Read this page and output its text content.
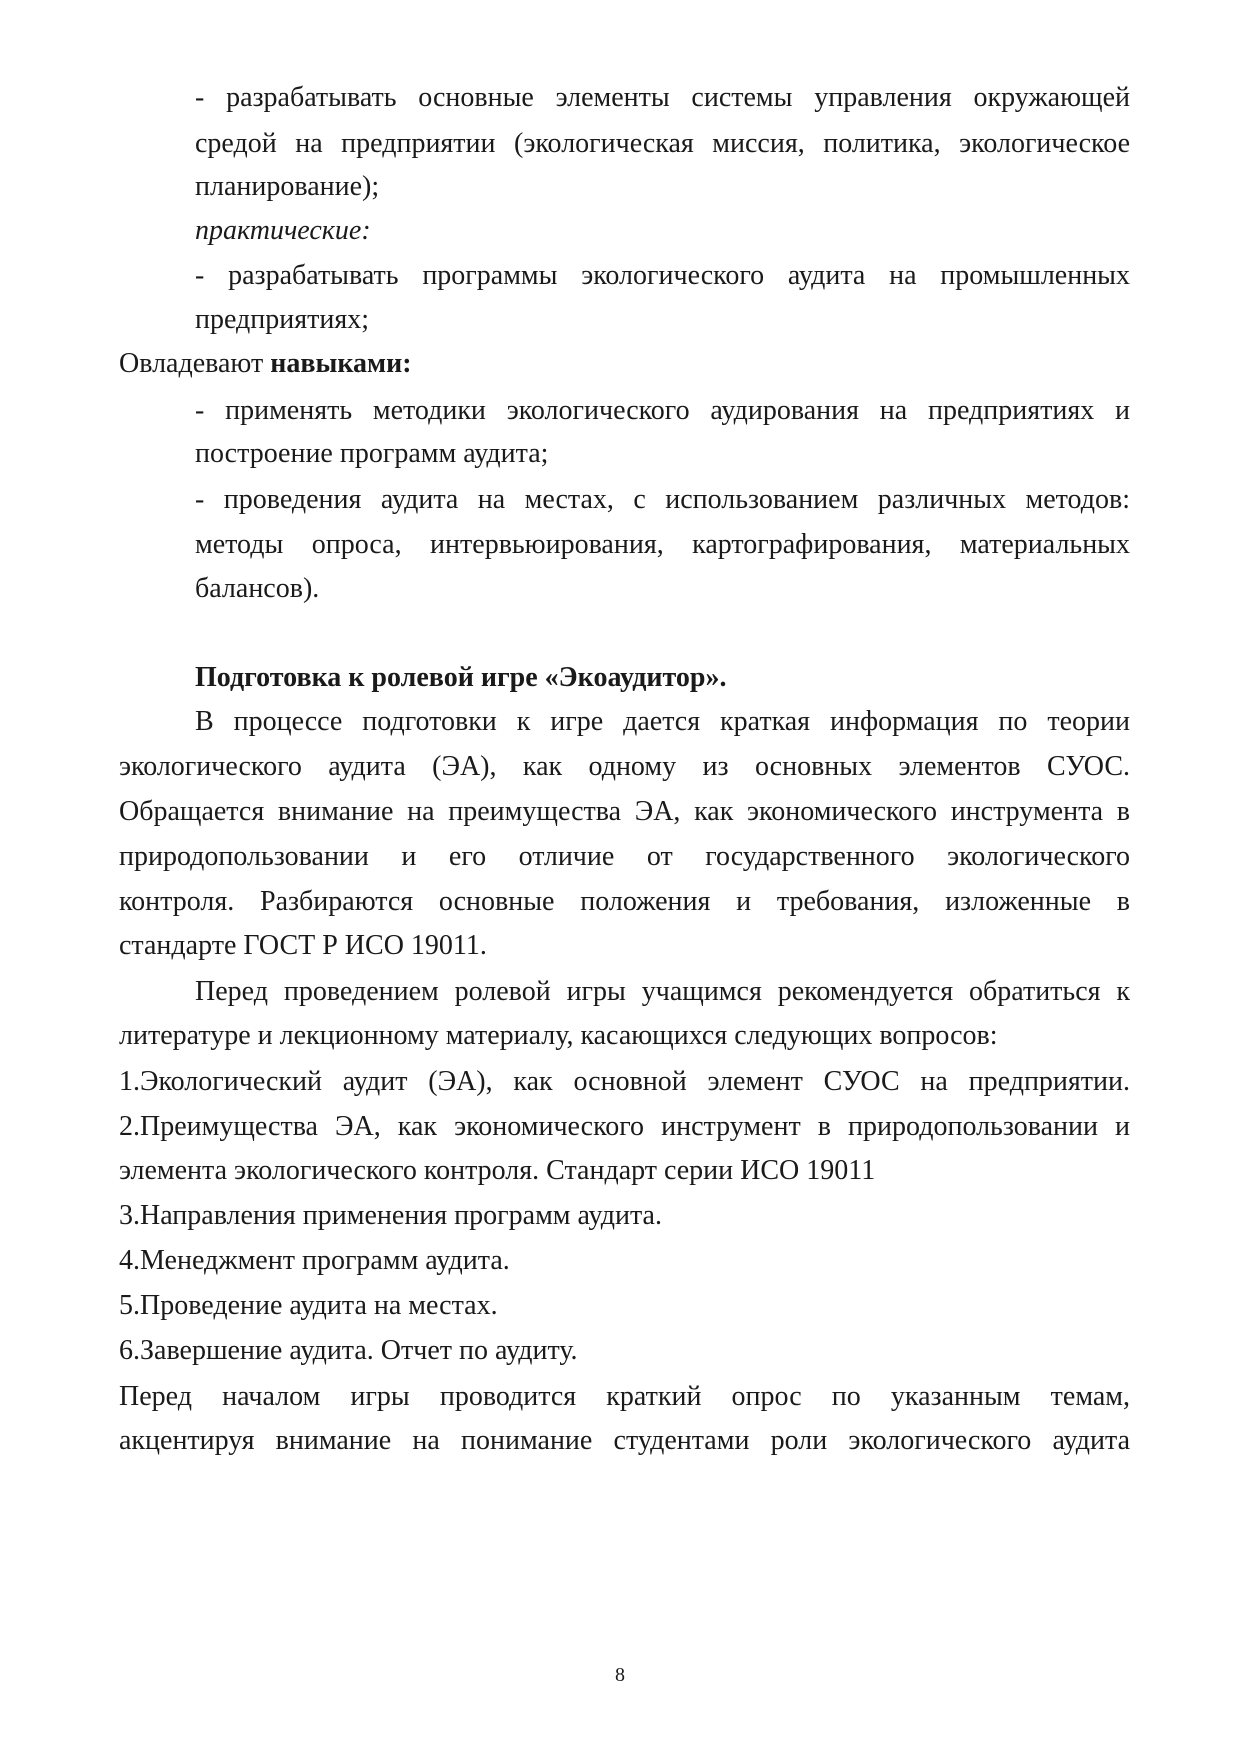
- разрабатывать основные элементы системы управления окружающей
средой на предприятии (экологическая миссия, политика, экологическое
планирование);
практические:
- разрабатывать программы экологического аудита на промышленных
предприятиях;
Овладевают навыками:
- применять методики экологического аудирования на предприятиях и
построение программ аудита;
- проведения аудита на местах, с использованием различных методов:
методы опроса, интервьюирования, картографирования, материальных
балансов).
Подготовка к ролевой игре «Экоаудитор».
В процессе подготовки к игре дается краткая информация по теории
экологического аудита (ЭА), как одному из основных элементов СУОС.
Обращается внимание на преимущества ЭА, как экономического инструмента в
природопользовании и его отличие от государственного экологического
контроля. Разбираются основные положения и требования, изложенные в
стандарте ГОСТ Р ИСО 19011.
Перед проведением ролевой игры учащимся рекомендуется обратиться к
литературе и лекционному материалу, касающихся следующих вопросов:
1.Экологический аудит (ЭА), как основной элемент СУОС на предприятии.
2.Преимущества ЭА, как экономического инструмент в природопользовании и
элемента экологического контроля. Стандарт серии ИСО 19011
3.Направления применения программ аудита.
4.Менеджмент программ аудита.
5.Проведение аудита на местах.
6.Завершение аудита. Отчет по аудиту.
Перед началом игры проводится краткий опрос по указанным темам,
акцентируя внимание на понимание студентами роли экологического аудита
8
